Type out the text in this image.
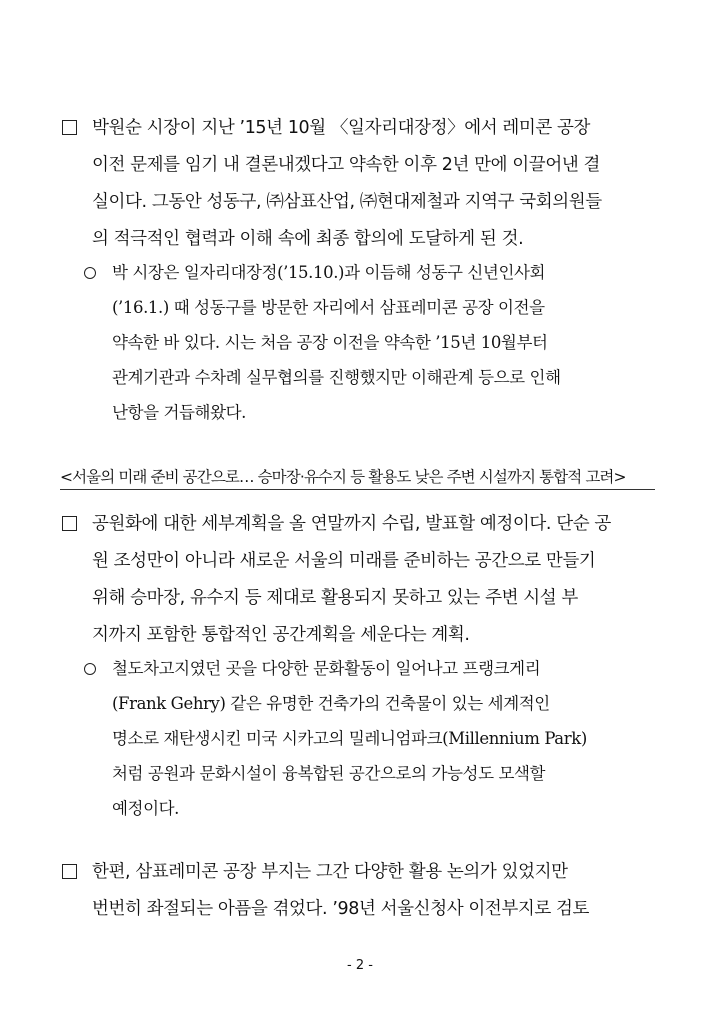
박원순 시장이 지난 ’15년 10월 〈일자리대장정〉에서 레미콘 공장
이전 문제를 임기 내 결론내겠다고 약속한 이후 2년 만에 이끌어낸 결
실이다. 그동안 성동구, ㈜삼표산업, ㈜현대제철과 지역구 국회의원들
의 적극적인 협력과 이해 속에 최종 합의에 도달하게 된 것.
박 시장은 일자리대장정(’15.10.)과 이듬해 성동구 신년인사회
(’16.1.) 때 성동구를 방문한 자리에서 삼표레미콘 공장 이전을
약속한 바 있다. 시는 처음 공장 이전을 약속한 ’15년 10월부터
관계기관과 수차례 실무협의를 진행했지만 이해관계 등으로 인해
난항을 거듭해왔다.
<서울의 미래 준비 공간으로… 승마장·유수지 등 활용도 낮은 주변 시설까지 통합적 고려>
공원화에 대한 세부계획을 올 연말까지 수립, 발표할 예정이다. 단순 공
원 조성만이 아니라 새로운 서울의 미래를 준비하는 공간으로 만들기
위해 승마장, 유수지 등 제대로 활용되지 못하고 있는 주변 시설 부
지까지 포함한 통합적인 공간계획을 세운다는 계획.
철도차고지였던 곳을 다양한 문화활동이 일어나고 프랭크게리
(Frank Gehry) 같은 유명한 건축가의 건축물이 있는 세계적인
명소로 재탄생시킨 미국 시카고의 밀레니엄파크(Millennium Park)
처럼 공원과 문화시설이 융복합된 공간으로의 가능성도 모색할
예정이다.
한편, 삼표레미콘 공장 부지는 그간 다양한 활용 논의가 있었지만
번번히 좌절되는 아픔을 겪었다. ’98년 서울신청사 이전부지로 검토
- 2 -
